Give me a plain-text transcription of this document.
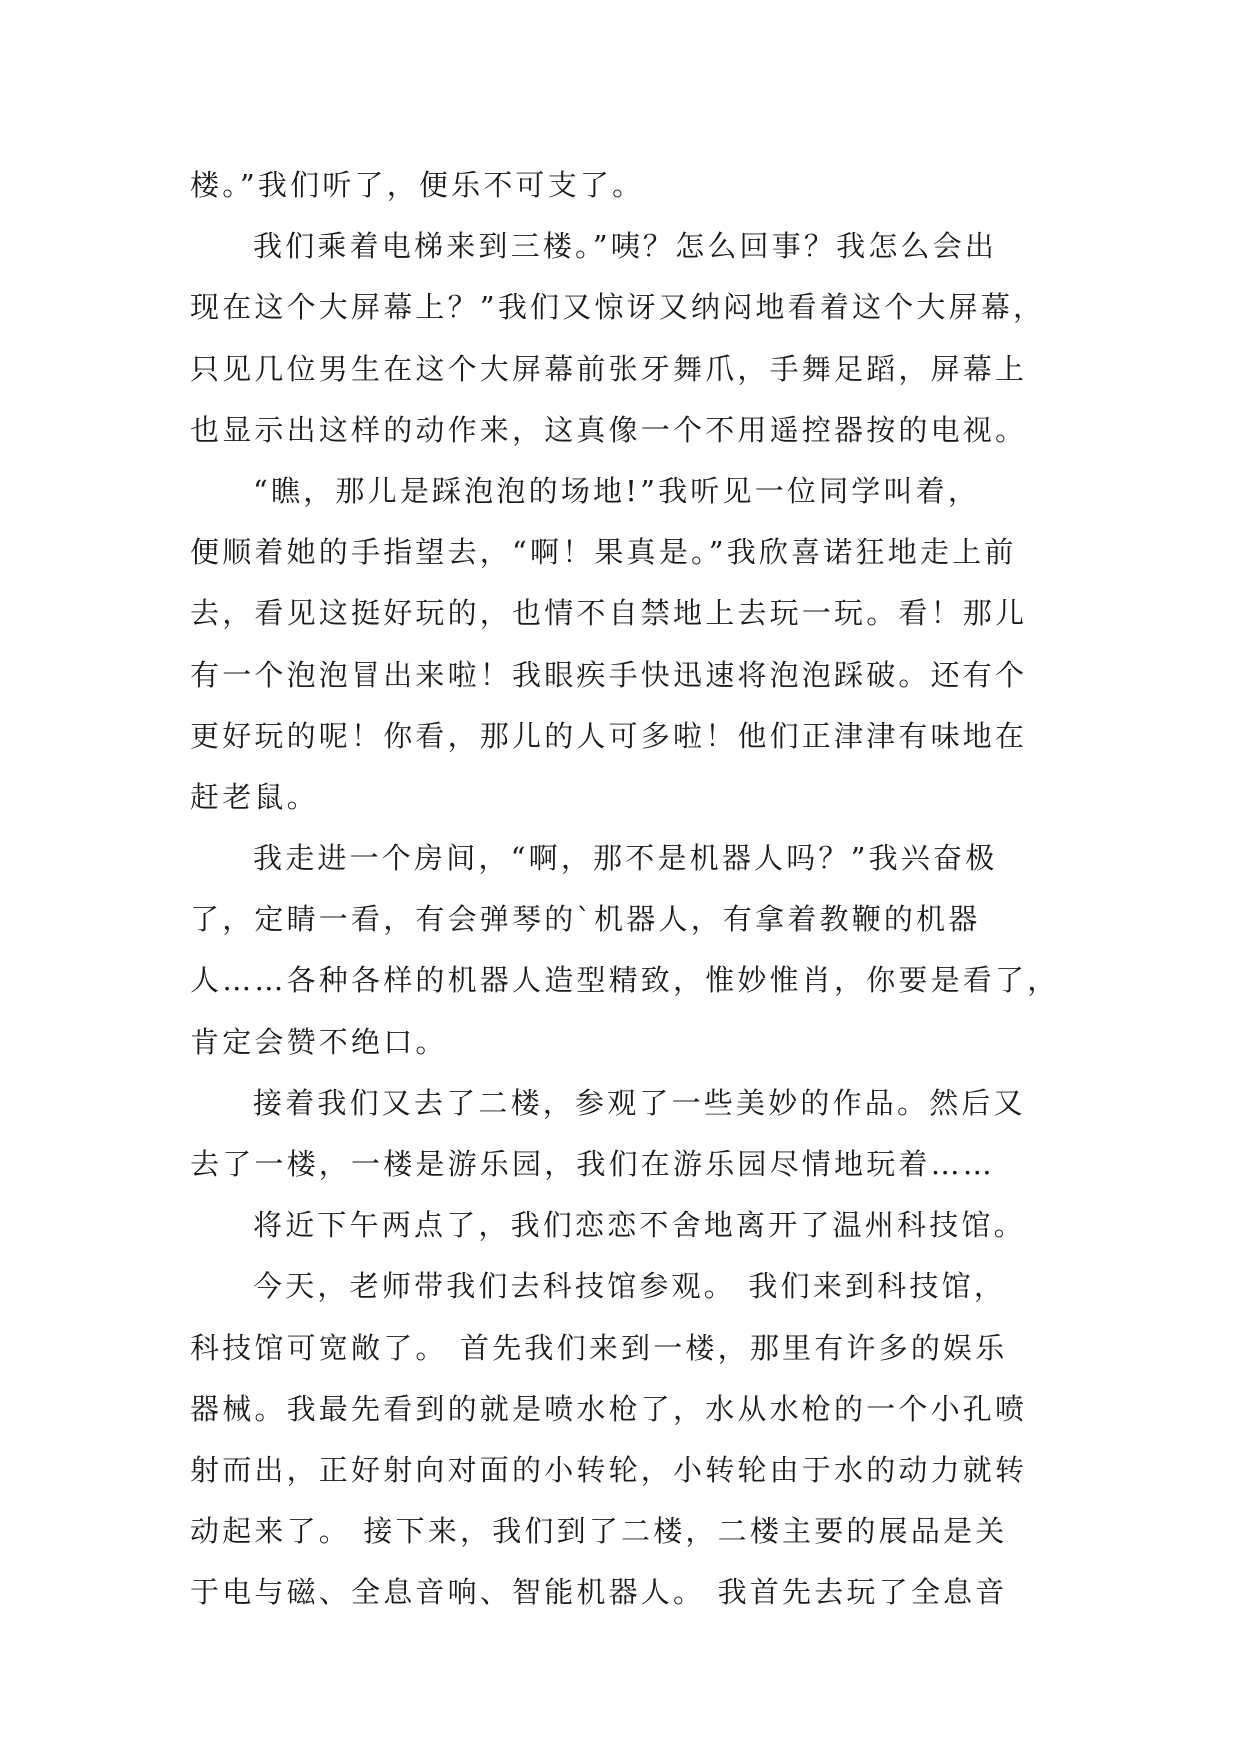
楼。”我们听了，便乐不可支了。
我们乘着电梯来到三楼。”咦？怎么回事？我怎么会出
现在这个大屏幕上？”我们又惊讶又纳闷地看着这个大屏幕，
只见几位男生在这个大屏幕前张牙舞爪，手舞足蹈，屏幕上
也显示出这样的动作来，这真像一个不用遥控器按的电视。
“瞧，那儿是踩泡泡的场地!”我听见一位同学叫着，
便顺着她的手指望去，“啊！果真是。”我欣喜诺狂地走上前
去，看见这挺好玩的，也情不自禁地上去玩一玩。看！那儿
有一个泡泡冒出来啦！我眼疾手快迅速将泡泡踩破。还有个
更好玩的呢！你看，那儿的人可多啦！他们正津津有味地在
赶老鼠。
我走进一个房间，“啊，那不是机器人吗？”我兴奋极
了，定睛一看，有会弹琴的`机器人，有拿着教鞭的机器
人……各种各样的机器人造型精致，惟妙惟肖，你要是看了，
肯定会赞不绝口。
接着我们又去了二楼，参观了一些美妙的作品。然后又
去了一楼，一楼是游乐园，我们在游乐园尽情地玩着……
将近下午两点了，我们恋恋不舍地离开了温州科技馆。
今天，老师带我们去科技馆参观。 我们来到科技馆，
科技馆可宽敞了。 首先我们来到一楼，那里有许多的娱乐
器械。我最先看到的就是喷水枪了，水从水枪的一个小孔喷
射而出，正好射向对面的小转轮，小转轮由于水的动力就转
动起来了。 接下来，我们到了二楼，二楼主要的展品是关
于电与磁、全息音响、智能机器人。 我首先去玩了全息音
